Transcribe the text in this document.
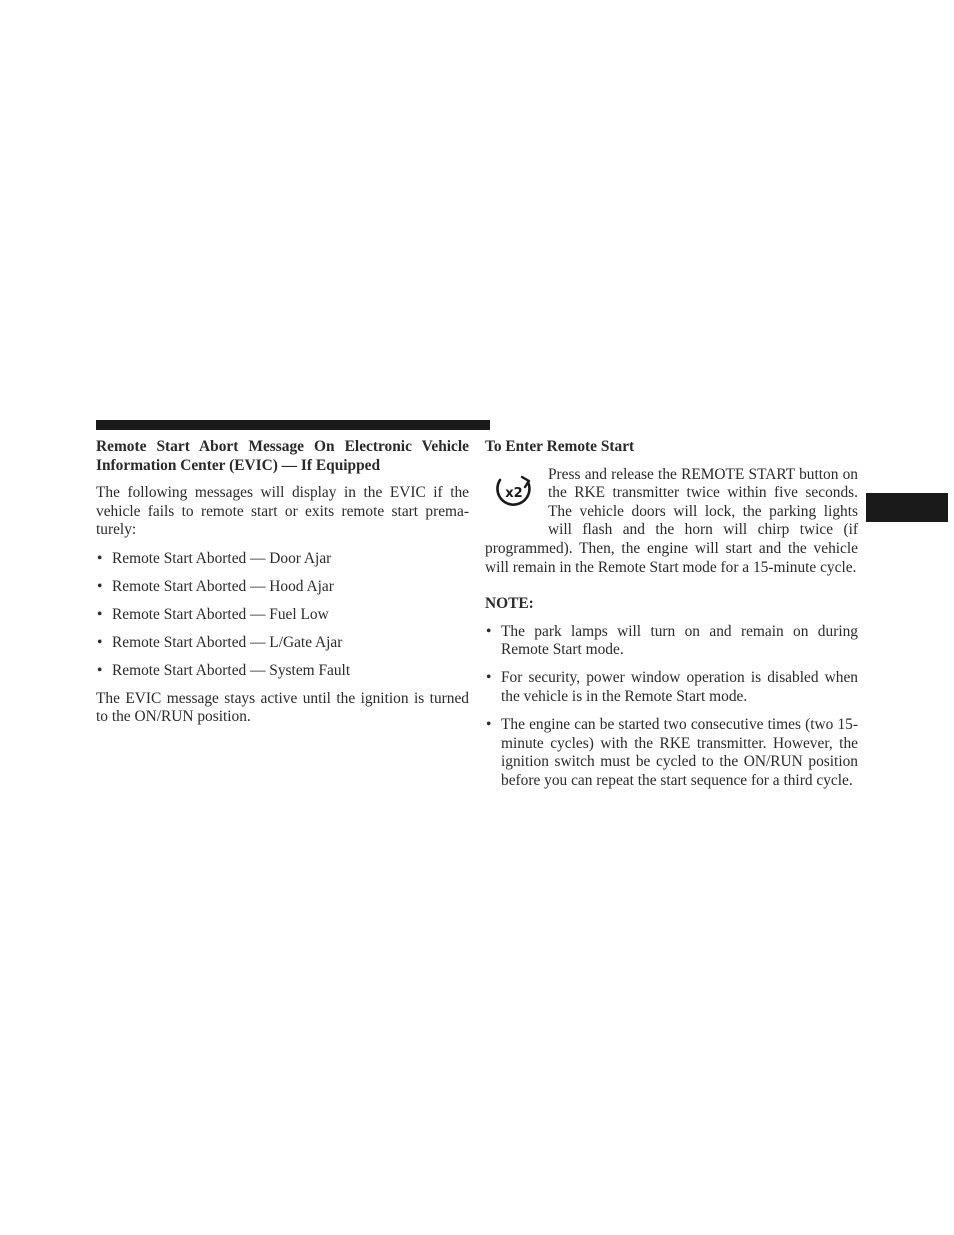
Remote Start Abort Message On Electronic Vehicle Information Center (EVIC) — If Equipped

The following messages will display in the EVIC if the vehicle fails to remote start or exits remote start prema-turely:

• Remote Start Aborted — Door Ajar
• Remote Start Aborted — Hood Ajar
• Remote Start Aborted — Fuel Low
• Remote Start Aborted — L/Gate Ajar
• Remote Start Aborted — System Fault

The EVIC message stays active until the ignition is turned to the ON/RUN position.

To Enter Remote Start
x2

Press and release the REMOTE START button on the RKE transmitter twice within five seconds. The vehicle doors will lock, the parking lights will flash and the horn will chirp twice (if programmed). Then, the engine will start and the vehicle will remain in the Remote Start mode for a 15-minute cycle.

NOTE:

• The park lamps will turn on and remain on during Remote Start mode.
• For security, power window operation is disabled when the vehicle is in the Remote Start mode.
• The engine can be started two consecutive times (two 15-minute cycles) with the RKE transmitter. However, the ignition switch must be cycled to the ON/RUN position before you can repeat the start sequence for a third cycle.
